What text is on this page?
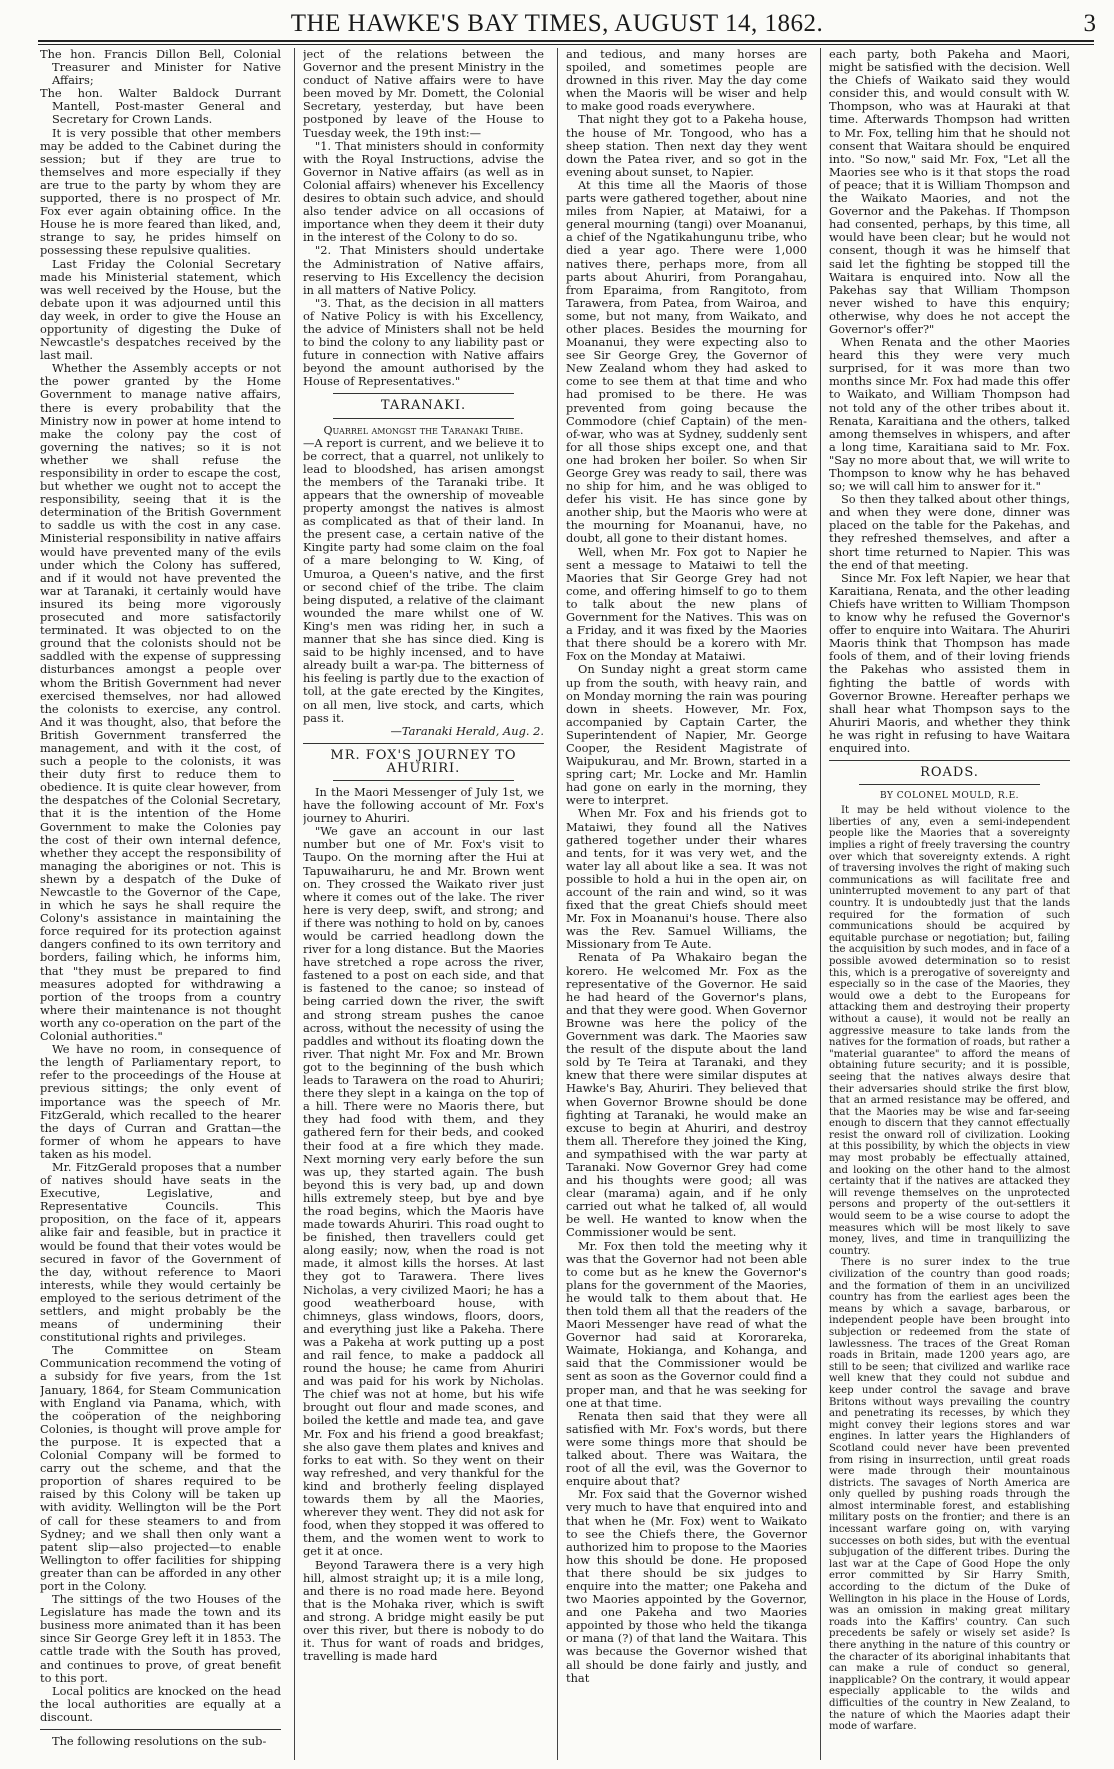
THE HAWKE'S BAY TIMES, AUGUST 14, 1862.	3

The hon. Francis Dillon Bell, Colonial Treasurer and Minister for Native Affairs;

The hon. Walter Baldock Durrant Mantell, Post-master General and Secretary for Crown Lands.

It is very possible that other members may be added to the Cabinet during the session; but if they are true to themselves and more especially if they are true to the party by whom they are supported, there is no prospect of Mr. Fox ever again obtaining office. In the House he is more feared than liked, and, strange to say, he prides himself on possessing these repulsive qualities.

Last Friday the Colonial Secretary made his Ministerial statement, which was well received by the House, but the debate upon it was adjourned until this day week, in order to give the House an opportunity of digesting the Duke of Newcastle's despatches received by the last mail.

Whether the Assembly accepts or not the power granted by the Home Government to manage native affairs, there is every probability that the Ministry now in power at home intend to make the colony pay the cost of governing the natives; so it is not whether we shall refuse the responsibility in order to escape the cost, but whether we ought not to accept the responsibility, seeing that it is the determination of the British Government to saddle us with the cost in any case. Ministerial responsibility in native affairs would have prevented many of the evils under which the Colony has suffered, and if it would not have prevented the war at Taranaki, it certainly would have insured its being more vigorously prosecuted and more satisfactorily terminated. It was objected to on the ground that the colonists should not be saddled with the expense of suppressing disturbances amongst a people over whom the British Government had never exercised themselves, nor had allowed the colonists to exercise, any control. And it was thought, also, that before the British Government transferred the management, and with it the cost, of such a people to the colonists, it was their duty first to reduce them to obedience. It is quite clear however, from the despatches of the Colonial Secretary, that it is the intention of the Home Government to make the Colonies pay the cost of their own internal defence, whether they accept the responsibility of managing the aborigines or not. This is shewn by a despatch of the Duke of Newcastle to the Governor of the Cape, in which he says he shall require the Colony's assistance in maintaining the force required for its protection against dangers confined to its own territory and borders, failing which, he informs him, that "they must be prepared to find measures adopted for withdrawing a portion of the troops from a country where their maintenance is not thought worth any co-operation on the part of the Colonial authorities."

We have no room, in consequence of the length of Parliamentary report, to refer to the proceedings of the House at previous sittings; the only event of importance was the speech of Mr. FitzGerald, which recalled to the hearer the days of Curran and Grattan—the former of whom he appears to have taken as his model.

Mr. FitzGerald proposes that a number of natives should have seats in the Executive, Legislative, and Representative Councils. This proposition, on the face of it, appears alike fair and feasible, but in practice it would be found that their votes would be secured in favor of the Government of the day, without reference to Maori interests, while they would certainly be employed to the serious detriment of the settlers, and might probably be the means of undermining their constitutional rights and privileges.

The Committee on Steam Communication recommend the voting of a subsidy for five years, from the 1st January, 1864, for Steam Communication with England via Panama, which, with the coöperation of the neighboring Colonies, is thought will prove ample for the purpose. It is expected that a Colonial Company will be formed to carry out the scheme, and that the proportion of shares required to be raised by this Colony will be taken up with avidity. Wellington will be the Port of call for these steamers to and from Sydney; and we shall then only want a patent slip—also projected—to enable Wellington to offer facilities for shipping greater than can be afforded in any other port in the Colony.

The sittings of the two Houses of the Legislature has made the town and its business more animated than it has been since Sir George Grey left it in 1853. The cattle trade with the South has proved, and continues to prove, of great benefit to this port.

Local politics are knocked on the head the local authorities are equally at a discount.

The following resolutions on the sub-

ject of the relations between the Governor and the present Ministry in the conduct of Native affairs were to have been moved by Mr. Domett, the Colonial Secretary, yesterday, but have been postponed by leave of the House to Tuesday week, the 19th inst:—

"1. That ministers should in conformity with the Royal Instructions, advise the Governor in Native affairs (as well as in Colonial affairs) whenever his Excellency desires to obtain such advice, and should also tender advice on all occasions of importance when they deem it their duty in the interest of the Colony to do so.

"2. That Ministers should undertake the Administration of Native affairs, reserving to His Excellency the decision in all matters of Native Policy.

"3. That, as the decision in all matters of Native Policy is with his Excellency, the advice of Ministers shall not be held to bind the colony to any liability past or future in connection with Native affairs beyond the amount authorised by the House of Representatives."

TARANAKI.
Quarrel amongst the Taranaki Tribe.

—A report is current, and we believe it to be correct, that a quarrel, not unlikely to lead to bloodshed, has arisen amongst the members of the Taranaki tribe. It appears that the ownership of moveable property amongst the natives is almost as complicated as that of their land. In the present case, a certain native of the Kingite party had some claim on the foal of a mare belonging to W. King, of Umuroa, a Queen's native, and the first or second chief of the tribe. The claim being disputed, a relative of the claimant wounded the mare whilst one of W. King's men was riding her, in such a manner that she has since died. King is said to be highly incensed, and to have already built a war-pa. The bitterness of his feeling is partly due to the exaction of toll, at the gate erected by the Kingites, on all men, live stock, and carts, which pass it.

—Taranaki Herald, Aug. 2.
MR. FOX'S JOURNEY TO AHURIRI.

In the Maori Messenger of July 1st, we have the following account of Mr. Fox's journey to Ahuriri.

"We gave an account in our last number but one of Mr. Fox's visit to Taupo. On the morning after the Hui at Tapuwaiharuru, he and Mr. Brown went on. They crossed the Waikato river just where it comes out of the lake. The river here is very deep, swift, and strong; and if there was nothing to hold on by, canoes would be carried headlong down the river for a long distance. But the Maories have stretched a rope across the river, fastened to a post on each side, and that is fastened to the canoe; so instead of being carried down the river, the swift and strong stream pushes the canoe across, without the necessity of using the paddles and without its floating down the river. That night Mr. Fox and Mr. Brown got to the beginning of the bush which leads to Tarawera on the road to Ahuriri; there they slept in a kainga on the top of a hill. There were no Maoris there, but they had food with them, and they gathered fern for their beds, and cooked their food at a fire which they made. Next morning very early before the sun was up, they started again. The bush beyond this is very bad, up and down hills extremely steep, but bye and bye the road begins, which the Maoris have made towards Ahuriri. This road ought to be finished, then travellers could get along easily; now, when the road is not made, it almost kills the horses. At last they got to Tarawera. There lives Nicholas, a very civilized Maori; he has a good weatherboard house, with chimneys, glass windows, floors, doors, and everything just like a Pakeha. There was a Pakeha at work putting up a post and rail fence, to make a paddock all round the house; he came from Ahuriri and was paid for his work by Nicholas. The chief was not at home, but his wife brought out flour and made scones, and boiled the kettle and made tea, and gave Mr. Fox and his friend a good breakfast; she also gave them plates and knives and forks to eat with. So they went on their way refreshed, and very thankful for the kind and brotherly feeling displayed towards them by all the Maories, wherever they went. They did not ask for food, when they stopped it was offered to them, and the women went to work to get it at once.

Beyond Tarawera there is a very high hill, almost straight up; it is a mile long, and there is no road made here. Beyond that is the Mohaka river, which is swift and strong. A bridge might easily be put over this river, but there is nobody to do it. Thus for want of roads and bridges, travelling is made hard

and tedious, and many horses are spoiled, and sometimes people are drowned in this river. May the day come when the Maoris will be wiser and help to make good roads everywhere.

That night they got to a Pakeha house, the house of Mr. Tongood, who has a sheep station. Then next day they went down the Patea river, and so got in the evening about sunset, to Napier.

At this time all the Maoris of those parts were gathered together, about nine miles from Napier, at Mataiwi, for a general mourning (tangi) over Moananui, a chief of the Ngatikahungunu tribe, who died a year ago. There were 1,000 natives there, perhaps more, from all parts about Ahuriri, from Porangahau, from Eparaima, from Rangitoto, from Tarawera, from Patea, from Wairoa, and some, but not many, from Waikato, and other places. Besides the mourning for Moananui, they were expecting also to see Sir George Grey, the Governor of New Zealand whom they had asked to come to see them at that time and who had promised to be there. He was prevented from going because the Commodore (chief Captain) of the men-of-war, who was at Sydney, suddenly sent for all those ships except one, and that one had broken her boiler. So when Sir George Grey was ready to sail, there was no ship for him, and he was obliged to defer his visit. He has since gone by another ship, but the Maoris who were at the mourning for Moananui, have, no doubt, all gone to their distant homes.

Well, when Mr. Fox got to Napier he sent a message to Mataiwi to tell the Maories that Sir George Grey had not come, and offering himself to go to them to talk about the new plans of Government for the Natives. This was on a Friday, and it was fixed by the Maories that there should be a korero with Mr. Fox on the Monday at Mataiwi.

On Sunday night a great storm came up from the south, with heavy rain, and on Monday morning the rain was pouring down in sheets. However, Mr. Fox, accompanied by Captain Carter, the Superintendent of Napier, Mr. George Cooper, the Resident Magistrate of Waipukurau, and Mr. Brown, started in a spring cart; Mr. Locke and Mr. Hamlin had gone on early in the morning, they were to interpret.

When Mr. Fox and his friends got to Mataiwi, they found all the Natives gathered together under their whares and tents, for it was very wet, and the water lay all about like a sea. It was not possible to hold a hui in the open air, on account of the rain and wind, so it was fixed that the great Chiefs should meet Mr. Fox in Moananui's house. There also was the Rev. Samuel Williams, the Missionary from Te Aute.

Renata of Pa Whakairo began the korero. He welcomed Mr. Fox as the representative of the Governor. He said he had heard of the Governor's plans, and that they were good. When Governor Browne was here the policy of the Government was dark. The Maories saw the result of the dispute about the land sold by Te Teira at Taranaki, and they knew that there were similar disputes at Hawke's Bay, Ahuriri. They believed that when Governor Browne should be done fighting at Taranaki, he would make an excuse to begin at Ahuriri, and destroy them all. Therefore they joined the King, and sympathised with the war party at Taranaki. Now Governor Grey had come and his thoughts were good; all was clear (marama) again, and if he only carried out what he talked of, all would be well. He wanted to know when the Commissioner would be sent.

Mr. Fox then told the meeting why it was that the Governor had not been able to come but as he knew the Governor's plans for the government of the Maories, he would talk to them about that. He then told them all that the readers of the Maori Messenger have read of what the Governor had said at Kororareka, Waimate, Hokianga, and Kohanga, and said that the Commissioner would be sent as soon as the Governor could find a proper man, and that he was seeking for one at that time.

Renata then said that they were all satisfied with Mr. Fox's words, but there were some things more that should be talked about. There was Waitara, the root of all the evil, was the Governor to enquire about that?

Mr. Fox said that the Governor wished very much to have that enquired into and that when he (Mr. Fox) went to Waikato to see the Chiefs there, the Governor authorized him to propose to the Maories how this should be done. He proposed that there should be six judges to enquire into the matter; one Pakeha and two Maories appointed by the Governor, and one Pakeha and two Maories appointed by those who held the tikanga or mana (?) of that land the Waitara. This was because the Governor wished that all should be done fairly and justly, and that

each party, both Pakeha and Maori, might be satisfied with the decision. Well the Chiefs of Waikato said they would consider this, and would consult with W. Thompson, who was at Hauraki at that time. Afterwards Thompson had written to Mr. Fox, telling him that he should not consent that Waitara should be enquired into. "So now," said Mr. Fox, "Let all the Maories see who is it that stops the road of peace; that it is William Thompson and the Waikato Maories, and not the Governor and the Pakehas. If Thompson had consented, perhaps, by this time, all would have been clear; but he would not consent, though it was he himself that said let the fighting be stopped till the Waitara is enquired into. Now all the Pakehas say that William Thompson never wished to have this enquiry; otherwise, why does he not accept the Governor's offer?"

When Renata and the other Maories heard this they were very much surprised, for it was more than two months since Mr. Fox had made this offer to Waikato, and William Thompson had not told any of the other tribes about it. Renata, Karaitiana and the others, talked among themselves in whispers, and after a long time, Karaitiana said to Mr. Fox. "Say no more about that, we will write to Thompson to know why he has behaved so; we will call him to answer for it."

So then they talked about other things, and when they were done, dinner was placed on the table for the Pakehas, and they refreshed themselves, and after a short time returned to Napier. This was the end of that meeting.

Since Mr. Fox left Napier, we hear that Karaitiana, Renata, and the other leading Chiefs have written to William Thompson to know why he refused the Governor's offer to enquire into Waitara. The Ahuriri Maoris think that Thompson has made fools of them, and of their loving friends the Pakehas who assisted them in fighting the battle of words with Governor Browne. Hereafter perhaps we shall hear what Thompson says to the Ahuriri Maoris, and whether they think he was right in refusing to have Waitara enquired into.

ROADS.
BY COLONEL MOULD, R.E.

It may be held without violence to the liberties of any, even a semi-independent people like the Maories that a sovereignty implies a right of freely traversing the country over which that sovereignty extends. A right of traversing involves the right of making such communications as will facilitate free and uninterrupted movement to any part of that country. It is undoubtedly just that the lands required for the formation of such communications should be acquired by equitable purchase or negotiation; but, failing the acquisition by such modes, and in face of a possible avowed determination so to resist this, which is a prerogative of sovereignty and especially so in the case of the Maories, they would owe a debt to the Europeans for attacking them and destroying their property without a cause), it would not be really an aggressive measure to take lands from the natives for the formation of roads, but rather a "material guarantee" to afford the means of obtaining future security; and it is possible, seeing that the natives always desire that their adversaries should strike the first blow, that an armed resistance may be offered, and that the Maories may be wise and far-seeing enough to discern that they cannot effectually resist the onward roll of civilization. Looking at this possibility, by which the objects in view may most probably be effectually attained, and looking on the other hand to the almost certainty that if the natives are attacked they will revenge themselves on the unprotected persons and property of the out-settlers it would seem to be a wise course to adopt the measures which will be most likely to save money, lives, and time in tranquillizing the country.

There is no surer index to the true civilization of the country than good roads; and the formation of them in an uncivilized country has from the earliest ages been the means by which a savage, barbarous, or independent people have been brought into subjection or redeemed from the state of lawlessness. The traces of the Great Roman roads in Britain, made 1200 years ago, are still to be seen; that civilized and warlike race well knew that they could not subdue and keep under control the savage and brave Britons without ways prevailing the country and penetrating its recesses, by which they might convey their legions stores and war engines. In latter years the Highlanders of Scotland could never have been prevented from rising in insurrection, until great roads were made through their mountainous districts. The savages of North America are only quelled by pushing roads through the almost interminable forest, and establishing military posts on the frontier; and there is an incessant warfare going on, with varying successes on both sides, but with the eventual subjugation of the different tribes. During the last war at the Cape of Good Hope the only error committed by Sir Harry Smith, according to the dictum of the Duke of Wellington in his place in the House of Lords, was an omission in making great military roads into the Kaffirs' country. Can such precedents be safely or wisely set aside? Is there anything in the nature of this country or the character of its aboriginal inhabitants that can make a rule of conduct so general, inapplicable? On the contrary, it would appear especially applicable to the wilds and difficulties of the country in New Zealand, to the nature of which the Maories adapt their mode of warfare.
